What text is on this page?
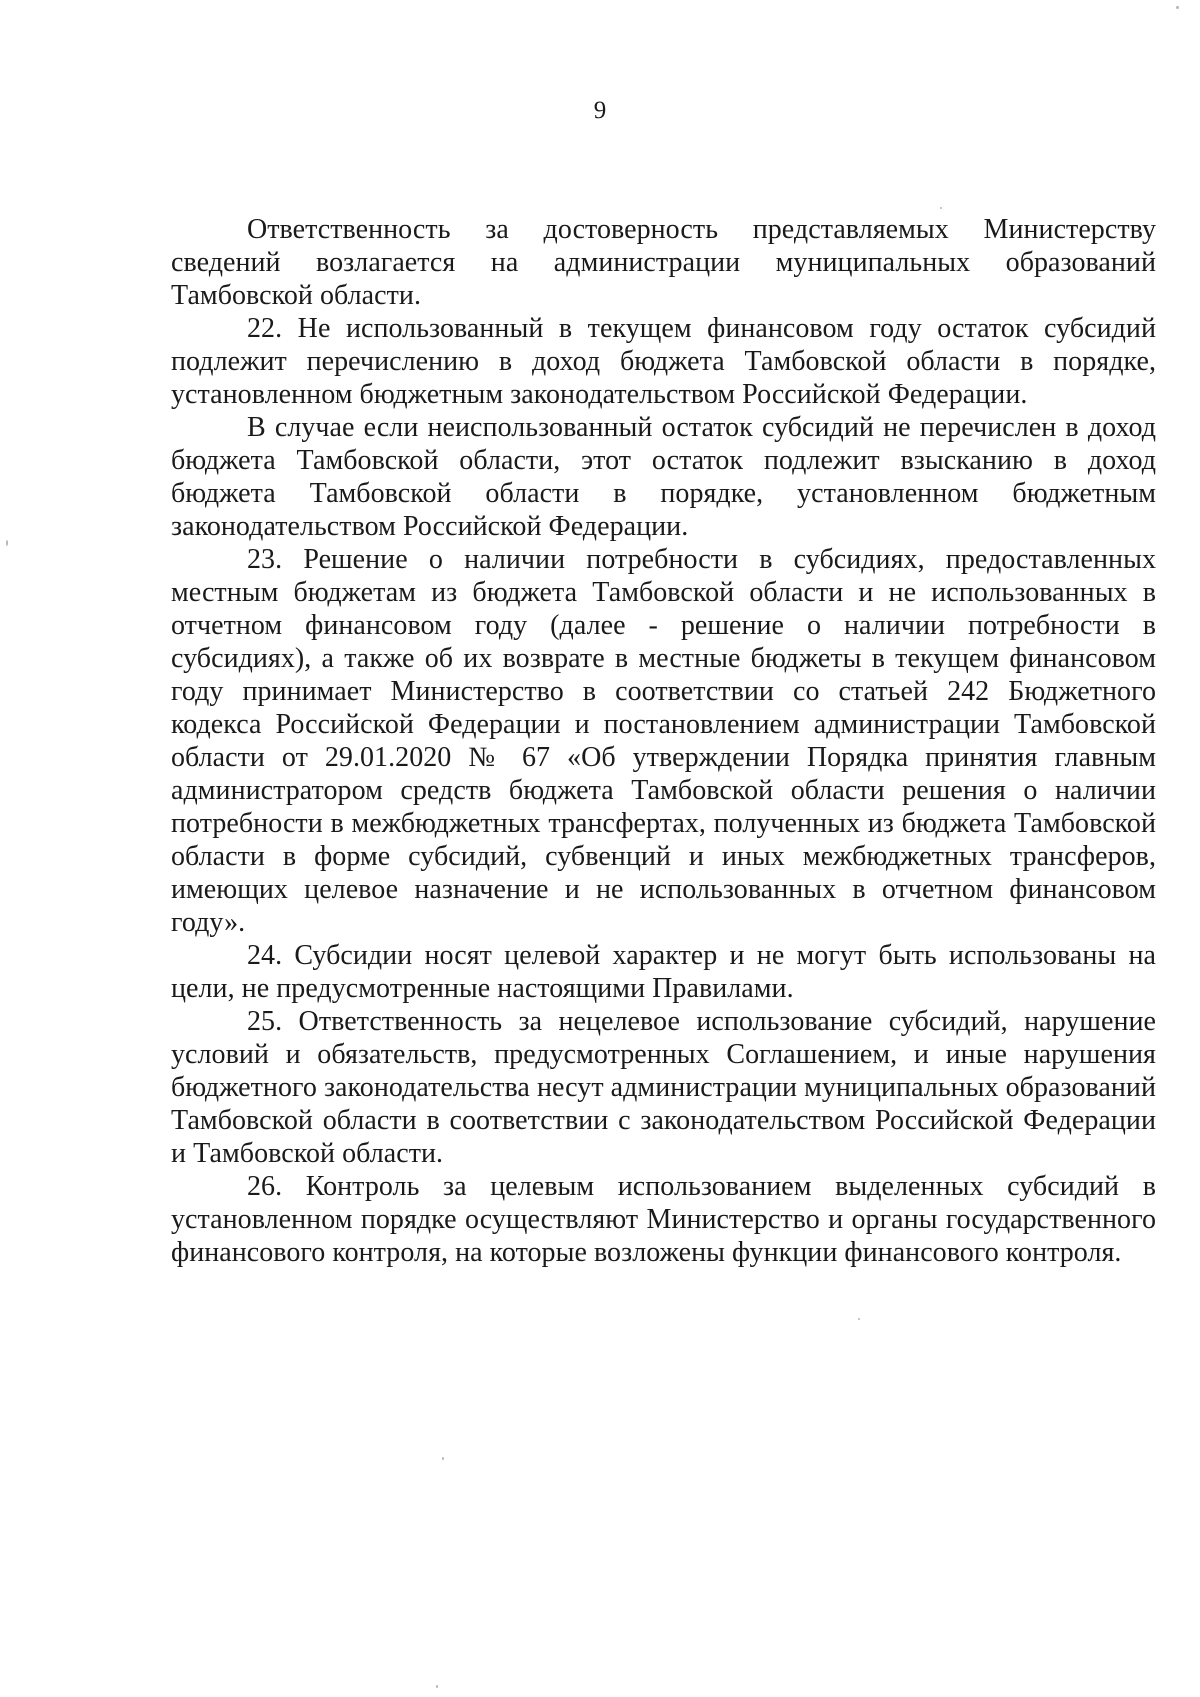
9

Ответственность за достоверность представляемых Министерству сведений возлагается на администрации муниципальных образований Тамбовской области.

22. Не использованный в текущем финансовом году остаток субсидий подлежит перечислению в доход бюджета Тамбовской области в порядке, установленном бюджетным законодательством Российской Федерации.

В случае если неиспользованный остаток субсидий не перечислен в доход бюджета Тамбовской области, этот остаток подлежит взысканию в доход бюджета Тамбовской области в порядке, установленном бюджетным законодательством Российской Федерации.

23. Решение о наличии потребности в субсидиях, предоставленных местным бюджетам из бюджета Тамбовской области и не использованных в отчетном финансовом году (далее - решение о наличии потребности в субсидиях), а также об их возврате в местные бюджеты в текущем финансовом году принимает Министерство в соответствии со статьей 242 Бюджетного кодекса Российской Федерации и постановлением администрации Тамбовской области от 29.01.2020 № 67 «Об утверждении Порядка принятия главным администратором средств бюджета Тамбовской области решения о наличии потребности в межбюджетных трансфертах, полученных из бюджета Тамбовской области в форме субсидий, субвенций и иных межбюджетных трансферов, имеющих целевое назначение и не использованных в отчетном финансовом году».

24. Субсидии носят целевой характер и не могут быть использованы на цели, не предусмотренные настоящими Правилами.

25. Ответственность за нецелевое использование субсидий, нарушение условий и обязательств, предусмотренных Соглашением, и иные нарушения бюджетного законодательства несут администрации муниципальных образований Тамбовской области в соответствии с законодательством Российской Федерации и Тамбовской области.

26. Контроль за целевым использованием выделенных субсидий в установленном порядке осуществляют Министерство и органы государственного финансового контроля, на которые возложены функции финансового контроля.
